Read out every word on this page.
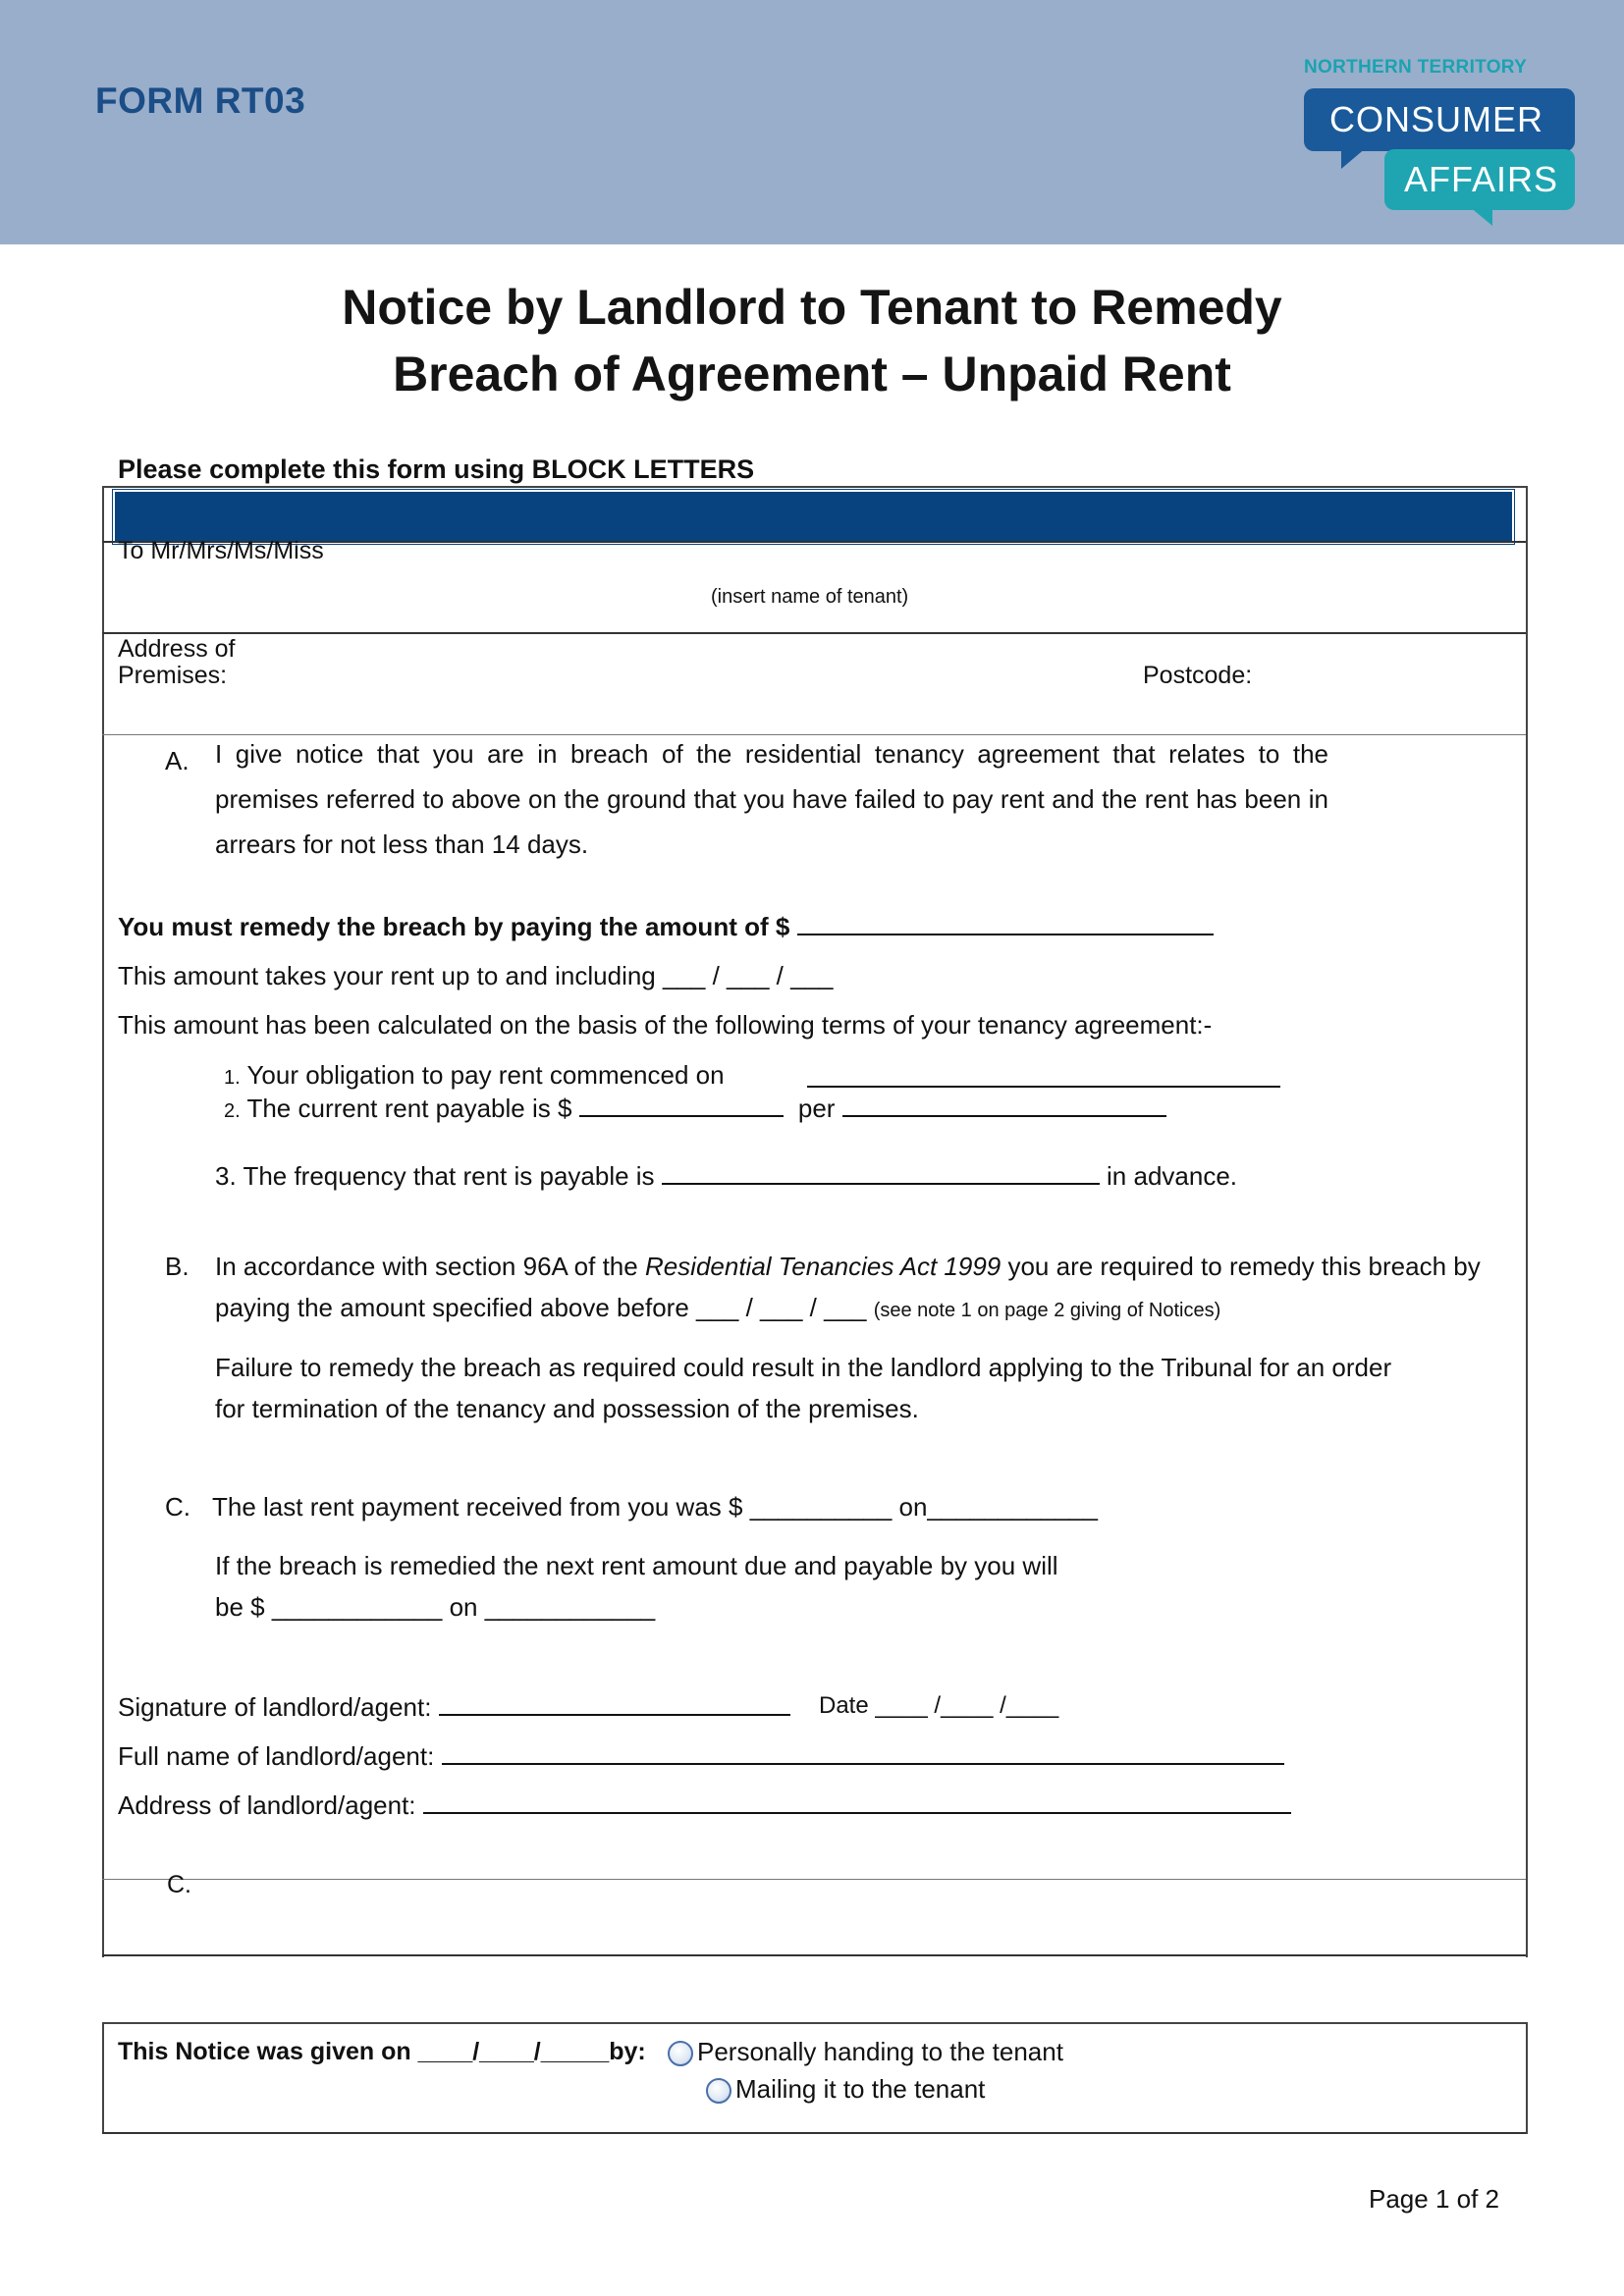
FORM RT03
NORTHERN TERRITORY
CONSUMER
AFFAIRS
Notice by Landlord to Tenant to Remedy
Breach of Agreement – Unpaid Rent
Please complete this form using BLOCK LETTERS
To Mr/Mrs/Ms/Miss
(insert name of tenant)
Address of
Premises:	Postcode:
A. I give notice that you are in breach of the residential tenancy agreement that relates to the premises referred to above on the ground that you have failed to pay rent and the rent has been in arrears for not less than 14 days.
You must remedy the breach by paying the amount of $
This amount takes your rent up to and including ___ / ___ / ___
This amount has been calculated on the basis of the following terms of your tenancy agreement:-
1. Your obligation to pay rent commenced on
2. The current rent payable is $	per
3. The frequency that rent is payable is	in advance.
B. In accordance with section 96A of the Residential Tenancies Act 1999 you are required to remedy this breach by
paying the amount specified above before ___ / ___ / ___ (see note 1 on page 2 giving of Notices)
Failure to remedy the breach as required could result in the landlord applying to the Tribunal for an order
for termination of the tenancy and possession of the premises.
C. The last rent payment received from you was $ __________ on____________
If the breach is remedied the next rent amount due and payable by you will
be $ ____________ on ____________
Signature of landlord/agent:	Date ____ /____ /____
Full name of landlord/agent:
Address of landlord/agent:
C.
This Notice was given on ____/____/_____by:	Personally handing to the tenant
Mailing it to the tenant
Page 1 of 2
